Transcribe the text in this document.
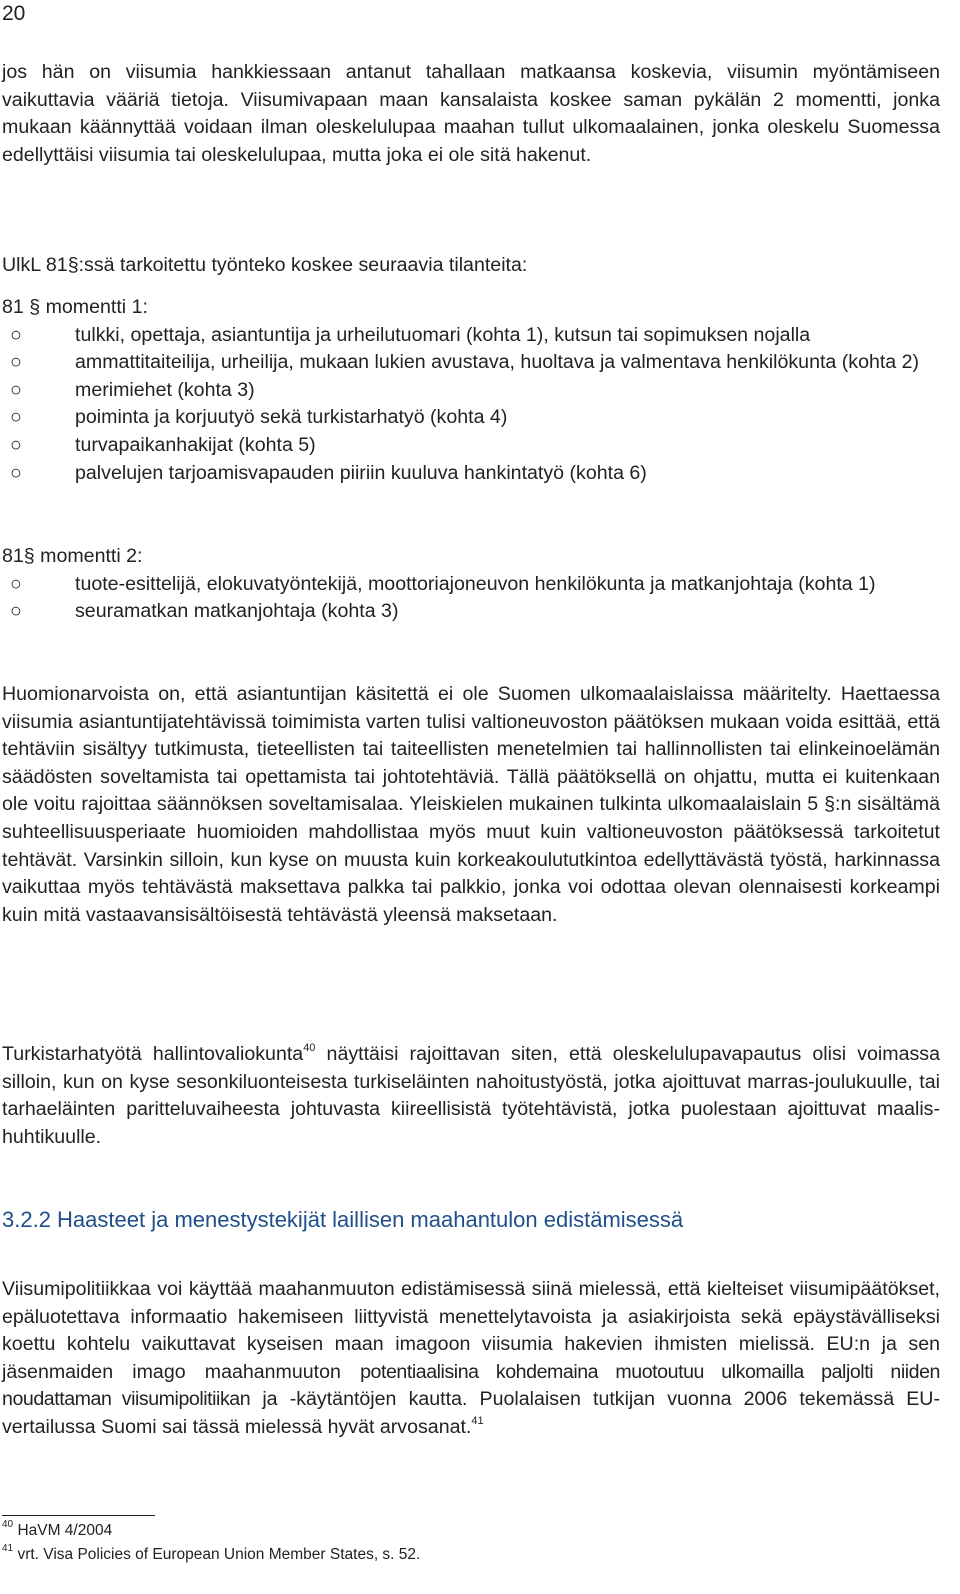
20

jos hän on viisumia hankkiessaan antanut tahallaan matkaansa koskevia, viisumin myöntämiseen vaikuttavia vääriä tietoja. Viisumivapaan maan kansalaista koskee saman pykälän 2 momentti, jonka mukaan käännyttää voidaan ilman oleskelulupaa maahan tullut ulkomaalainen, jonka oleskelu Suomessa edellyttäisi viisumia tai oleskelulupaa, mutta joka ei ole sitä hakenut.

UlkL 81§:ssä tarkoitettu työnteko koskee seuraavia tilanteita:

81 § momentti 1:

○	tulkki, opettaja, asiantuntija ja urheilutuomari (kohta 1), kutsun tai sopimuksen nojalla
○	ammattitaiteilija, urheilija, mukaan lukien avustava, huoltava ja valmentava henkilökunta (kohta 2)
○	merimiehet (kohta 3)
○	poiminta ja korjuutyö sekä turkistarhatyö (kohta 4)
○	turvapaikanhakijat (kohta 5)
○	palvelujen tarjoamisvapauden piiriin kuuluva hankintatyö (kohta 6)

81§ momentti 2:

○	tuote-esittelijä, elokuvatyöntekijä, moottoriajoneuvon henkilökunta ja matkanjohtaja (kohta 1)
○	seuramatkan matkanjohtaja (kohta 3)

Huomionarvoista on, että asiantuntijan käsitettä ei ole Suomen ulkomaalaislaissa määritelty. Haettaessa viisumia asiantuntijatehtävissä toimimista varten tulisi valtioneuvoston päätöksen mukaan voida esittää, että tehtäviin sisältyy tutkimusta, tieteellisten tai taiteellisten menetelmien tai hallinnollisten tai elinkeinoelämän säädösten soveltamista tai opettamista tai johtotehtäviä. Tällä päätöksellä on ohjattu, mutta ei kuitenkaan ole voitu rajoittaa säännöksen soveltamisalaa. Yleiskielen mukainen tulkinta ulkomaalaislain 5 §:n sisältämä suhteellisuusperiaate huomioiden mahdollistaa myös muut kuin valtioneuvoston päätöksessä tarkoitetut tehtävät. Varsinkin silloin, kun kyse on muusta kuin korkeakoulututkintoa edellyttävästä työstä, harkinnassa vaikuttaa myös tehtävästä maksettava palkka tai palkkio, jonka voi odottaa olevan olennaisesti korkeampi kuin mitä vastaavansisältöisestä tehtävästä yleensä maksetaan.

Turkistarhatyötä hallintovaliokunta$^{40}$ näyttäisi rajoittavan siten, että oleskelulupavapautus olisi voimassa silloin, kun on kyse sesonkiluonteisesta turkiseläinten nahoitustyöstä, jotka ajoittuvat marras-joulukuulle, tai tarhaeläinten paritteluvaiheesta johtuvasta kiireellisistä työtehtävistä, jotka puolestaan ajoittuvat maalis-huhtikuulle.

3.2.2 Haasteet ja menestystekijät laillisen maahantulon edistämisessä

Viisumipolitiikkaa voi käyttää maahanmuuton edistämisessä siinä mielessä, että kielteiset viisumipäätökset, epäluotettava informaatio hakemiseen liittyvistä menettelytavoista ja asiakirjoista sekä epäystävälliseksi koettu kohtelu vaikuttavat kyseisen maan imagoon viisumia hakevien ihmisten mielissä. EU:n ja sen jäsenmaiden imago maahanmuuton potentiaalisina kohdemaina muotoutuu ulkomailla paljolti niiden noudattaman viisumipolitiikan ja -käytäntöjen kautta. Puolalaisen tutkijan vuonna 2006 tekemässä EU-vertailussa Suomi sai tässä mielessä hyvät arvosanat.$^{41}$

$^{40}$ HaVM 4/2004
$^{41}$ vrt. Visa Policies of European Union Member States, s. 52.
